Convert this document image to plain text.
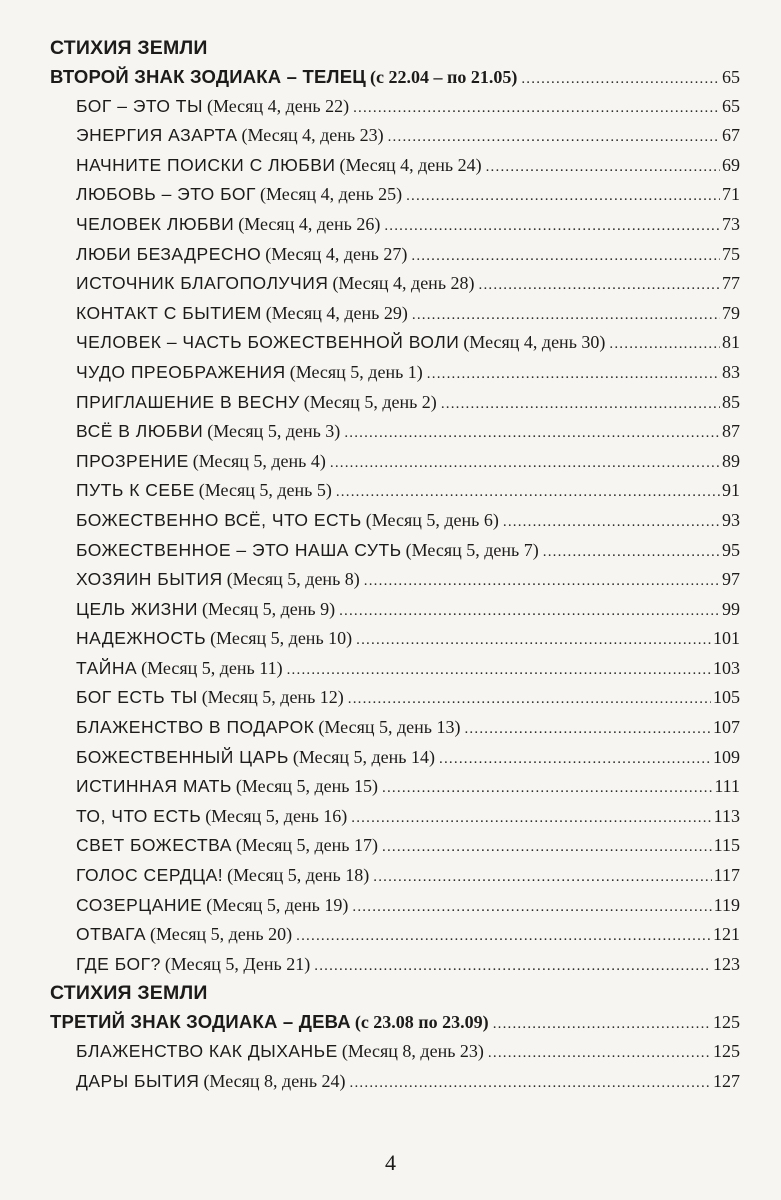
СТИХИЯ ЗЕМЛИ
ВТОРОЙ ЗНАК ЗОДИАКА – ТЕЛЕЦ (с 22.04 – по 21.05) .....	65
БОГ – ЭТО ТЫ (Месяц 4, день 22) .....	65
ЭНЕРГИЯ АЗАРТА (Месяц 4, день 23) .....	67
НАЧНИТЕ ПОИСКИ С ЛЮБВИ (Месяц 4, день 24) .....	69
ЛЮБОВЬ – ЭТО БОГ (Месяц 4, день 25) .....	71
ЧЕЛОВЕК ЛЮБВИ (Месяц 4, день 26) .....	73
ЛЮБИ БЕЗАДРЕСНО (Месяц 4, день 27) .....	75
ИСТОЧНИК БЛАГОПОЛУЧИЯ (Месяц 4, день 28) .....	77
КОНТАКТ С БЫТИЕМ (Месяц 4, день 29) .....	79
ЧЕЛОВЕК – ЧАСТЬ БОЖЕСТВЕННОЙ ВОЛИ (Месяц 4, день 30) .....	81
ЧУДО ПРЕОБРАЖЕНИЯ (Месяц 5, день 1) .....	83
ПРИГЛАШЕНИЕ В ВЕСНУ (Месяц 5, день 2) .....	85
ВСЁ В ЛЮБВИ (Месяц 5, день 3) .....	87
ПРОЗРЕНИЕ (Месяц 5, день 4) .....	89
ПУТЬ К СЕБЕ (Месяц 5, день 5) .....	91
БОЖЕСТВЕННО ВСЁ, ЧТО ЕСТЬ (Месяц 5, день 6) .....	93
БОЖЕСТВЕННОЕ – ЭТО НАША СУТЬ (Месяц 5, день 7) .....	95
ХОЗЯИН БЫТИЯ (Месяц 5, день 8) .....	97
ЦЕЛЬ ЖИЗНИ (Месяц 5, день 9) .....	99
НАДЕЖНОСТЬ (Месяц 5, день 10) .....	101
ТАЙНА (Месяц 5, день 11) .....	103
БОГ ЕСТЬ ТЫ (Месяц 5, день 12) .....	105
БЛАЖЕНСТВО В ПОДАРОК (Месяц 5, день 13) .....	107
БОЖЕСТВЕННЫЙ ЦАРЬ (Месяц 5, день 14) .....	109
ИСТИННАЯ МАТЬ (Месяц 5, день 15) .....	111
ТО, ЧТО ЕСТЬ (Месяц 5, день 16) .....	113
СВЕТ БОЖЕСТВА (Месяц 5, день 17) .....	115
ГОЛОС СЕРДЦА! (Месяц 5, день 18) .....	117
СОЗЕРЦАНИЕ (Месяц 5, день 19) .....	119
ОТВАГА (Месяц 5, день 20) .....	121
ГДЕ БОГ? (Месяц 5, День 21) .....	123
СТИХИЯ ЗЕМЛИ
ТРЕТИЙ ЗНАК ЗОДИАКА – ДЕВА (с 23.08 по 23.09) .....	125
БЛАЖЕНСТВО КАК ДЫХАНЬЕ (Месяц 8, день 23) .....	125
ДАРЫ БЫТИЯ (Месяц 8, день 24) .....	127
4
